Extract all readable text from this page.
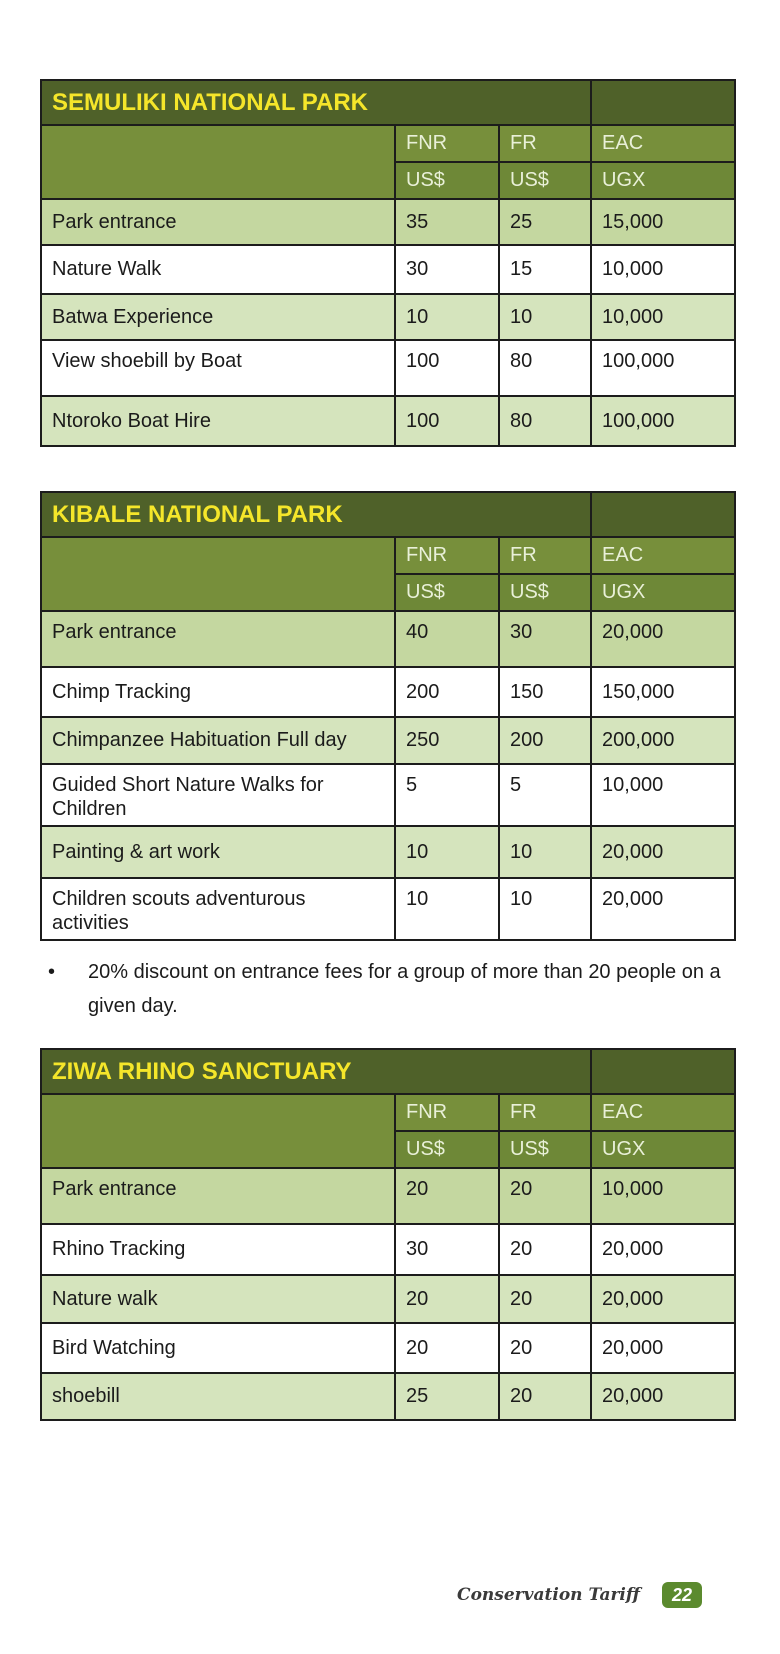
SEMULIKI NATIONAL PARK			
	FNR	FR	EAC
	US$	US$	UGX
Park entrance	35	25	15,000
Nature Walk	30	15	10,000
Batwa Experience	10	10	10,000
View shoebill by Boat	100	80	100,000
Ntoroko Boat Hire	100	80	100,000
KIBALE NATIONAL PARK			
	FNR	FR	EAC
	US$	US$	UGX
Park entrance	40	30	20,000
Chimp Tracking	200	150	150,000
Chimpanzee Habituation Full day	250	200	200,000
Guided Short Nature Walks for Children	5	5	10,000
Painting & art work	10	10	20,000
Children scouts adventurous activities	10	10	20,000
•	20% discount on entrance fees for a group of more than 20 people on a given day.
ZIWA RHINO SANCTUARY			
	FNR	FR	EAC
	US$	US$	UGX
Park entrance	20	20	10,000
Rhino Tracking	30	20	20,000
Nature walk	20	20	20,000
Bird Watching	20	20	20,000
shoebill	25	20	20,000
Conservation Tariff	22
